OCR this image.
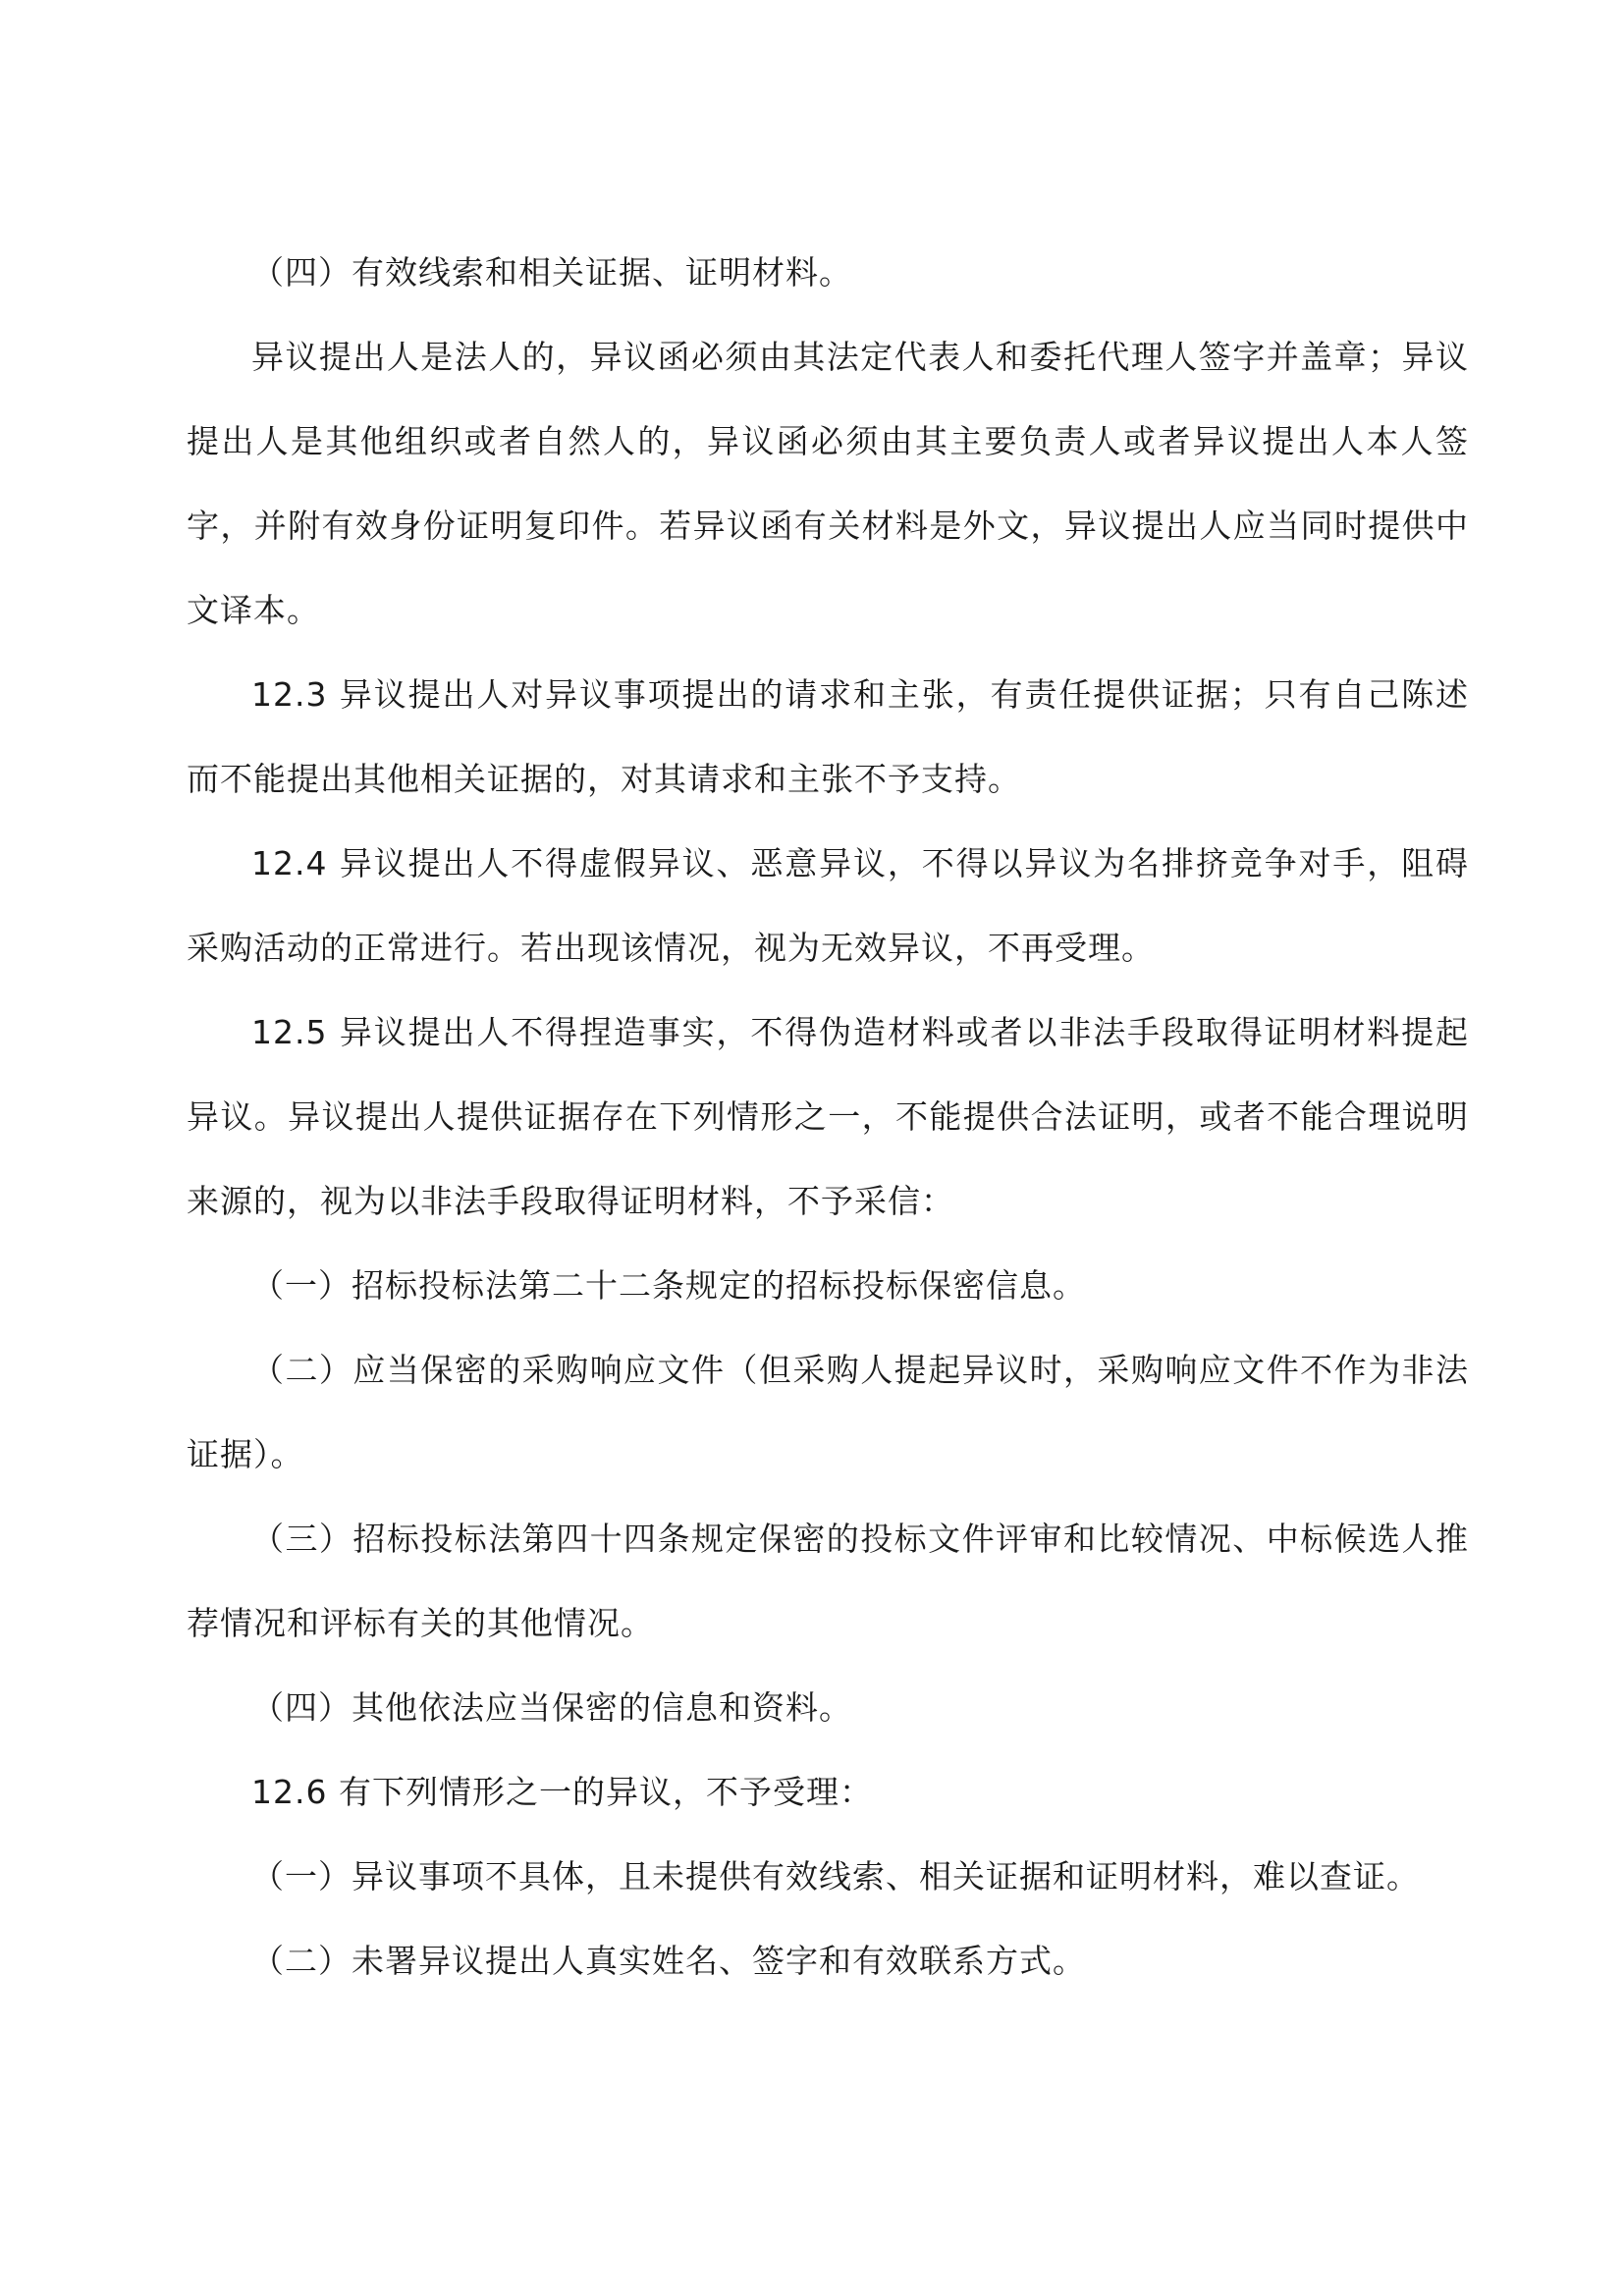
（四）有效线索和相关证据、证明材料。

异议提出人是法人的，异议函必须由其法定代表人和委托代理人签字并盖章；异议提出人是其他组织或者自然人的，异议函必须由其主要负责人或者异议提出人本人签字，并附有效身份证明复印件。若异议函有关材料是外文，异议提出人应当同时提供中文译本。

12.3 异议提出人对异议事项提出的请求和主张，有责任提供证据；只有自己陈述而不能提出其他相关证据的，对其请求和主张不予支持。

12.4 异议提出人不得虚假异议、恶意异议，不得以异议为名排挤竞争对手，阻碍采购活动的正常进行。若出现该情况，视为无效异议，不再受理。

12.5 异议提出人不得捏造事实，不得伪造材料或者以非法手段取得证明材料提起异议。异议提出人提供证据存在下列情形之一，不能提供合法证明，或者不能合理说明来源的，视为以非法手段取得证明材料，不予采信：

（一）招标投标法第二十二条规定的招标投标保密信息。

（二）应当保密的采购响应文件（但采购人提起异议时，采购响应文件不作为非法证据）。

（三）招标投标法第四十四条规定保密的投标文件评审和比较情况、中标候选人推荐情况和评标有关的其他情况。

（四）其他依法应当保密的信息和资料。

12.6 有下列情形之一的异议，不予受理：

（一）异议事项不具体，且未提供有效线索、相关证据和证明材料，难以查证。

（二）未署异议提出人真实姓名、签字和有效联系方式。
